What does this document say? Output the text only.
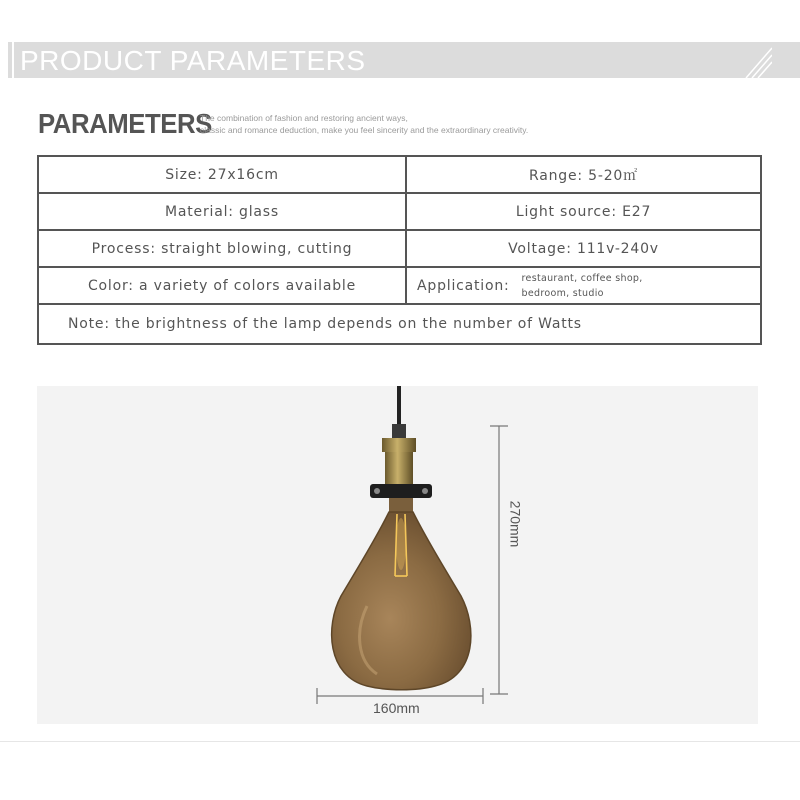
PRODUCT PARAMETERS
PARAMETERS
The combination of fashion and restoring ancient ways,
classic and romance deduction, make you feel sincerity and the extraordinary creativity.
Size: 27x16cm	Range: 5-20㎡
Material: glass	Light source: E27
Process: straight blowing, cutting	Voltage: 111v-240v
Color: a variety of colors available	Application: restaurant, coffee shop,
bedroom, studio
Note: the brightness of the lamp depends on the number of Watts
270mm
160mm
